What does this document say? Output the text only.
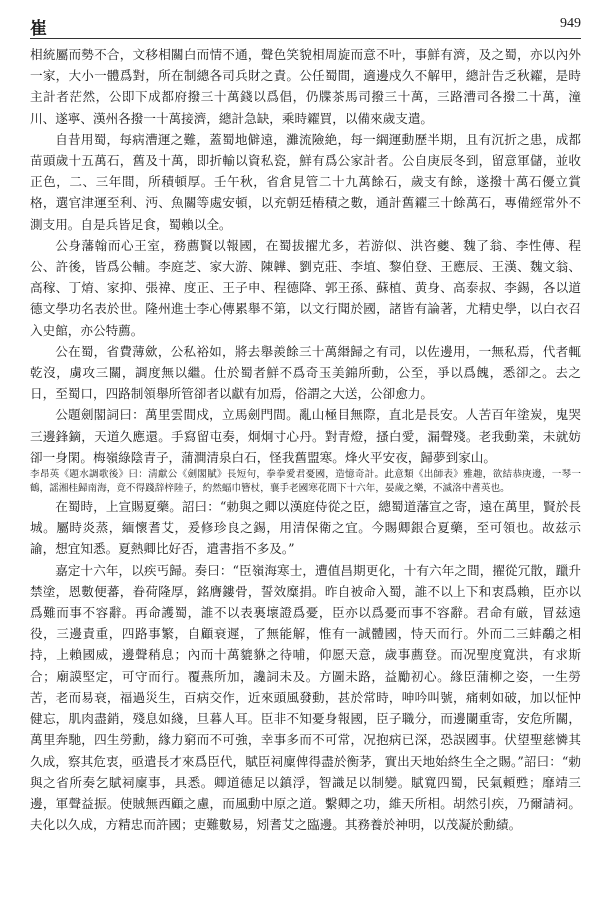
崔	949

相統屬而勢不合，文移相關白而情不通，聲色笑貌相周旋而意不叶，事鮮有濟，及之蜀，亦以內外一家，大小一體爲對，所在制總各司兵財之責。公任蜀間，適邊戍久不解甲，總計告乏秋糴，是時主計者茫然，公即下成都府撥三十萬錢以爲倡，仍牒茶馬司撥三十萬，三路漕司各撥二十萬，潼川、遂寧、漢州各撥一十萬接濟，總計急缺，乘時糴買，以備來歲支遣。

自昔用蜀，每病漕運之難，蓋蜀地僻遠，灘流險絶，每一綱運動歷半期，且有沉折之患，成都苗頭歲十五萬石，舊及十萬，即折輸以資私瓷，鮮有爲公家計者。公自庚辰冬到，留意軍儲，並收正色，二、三年間，所積頓厚。壬午秋，省倉見管二十九萬餘石，歲支有餘，遂撥十萬石優立賞格，選官津運至利、沔、魚關等處安頓，以充朝廷樁積之數，通計舊糴三十餘萬石，專備經常外不測支用。自是兵皆足食，蜀賴以全。

公身藩翰而心王室，務薦賢以報國，在蜀拔擢尤多，若游似、洪咨夔、魏了翁、李性傳、程公、許後，皆爲公輔。李庭芝、家大游、陳韡、劉克莊、李埴、黎伯登、王應辰、王漢、魏文翁、高稼、丁焴、家抑、張禕、度正、王子申、程德降、郭王孫、蘇植、黄身、高泰叔、李錫，各以道德文學功名表於世。隆州進士李心傳累舉不第，以文行聞於國，諸皆有論著，尤精史學，以白衣召入史館，亦公特薦。

公在蜀，省費薄歛，公私裕如，將去舉羨餘三十萬緡歸之有司，以佐邊用，一無私焉，代者輒乾沒，虜攻三關，調度無以繼。仕於蜀者鮮不爲奇玉美錦所動，公至，爭以爲餽，悉卻之。去之日，至蜀口，四路制領舉所管卻者以獻有加焉，俗謂之大送，公卻愈力。

公題劍閣詞曰：萬里雲間戍，立馬劍門間。亂山極目無際，直北是長安。人苦百年塗炭，鬼哭三邊鋒鏑，天道久應還。手寫留屯奏，炯炯寸心丹。對青燈，搔白愛，漏聲殘。老我動業，未就妨卻一身閑。梅嶺綠陰青子，蒲澗清泉白石，怪我舊盟寒。烽火平安夜，歸夢到家山。

李昂英《題水調歌後》曰：淸獻公《劍閣賦》長短句，拳拳愛君憂國，造憶奇計。此意類《出師表》雅趣，欲結恭庚邊，一琴一鶴，謡湘桂歸南海，竟不得踐辞梓陸子，約然蝠巾簪杖，襄手老國寒花間下十六年，晏歲之樂，不滅洛中耆英也。

在蜀時，上宣賜夏藥。詔曰：“勅與之卿以漢庭侍從之臣，總蜀道藩宣之寄，遠在萬里，賢於長城。屬時炎蒸，緬懷耆艾，爰修珍良之錫，用清保衛之宜。今賜卿銀合夏藥，至可領也。故兹示諭，想宜知悉。夏熱卿比好否，遣書指不多及。”

嘉定十六年，以疾丐歸。奏曰：“臣嶺海寒士，遭值昌期更化，十有六年之間，擢從冗散，躐升禁塗，恩數便蕃，眷荷隆厚，銘膺鏤骨，誓效糜捐。昨自被命入蜀，誰不以上下和衷爲賴，臣亦以爲難而事不容辭。再命護蜀，誰不以表裏壞證爲憂，臣亦以爲憂而事不容辭。君命有厳，冒兹遠役，三邊責重，四路事繁，自顧衰遲，了無能解，惟有一誠體國，恃天而行。外而二三蚌鷸之相持，上賴國威，邊聲稍息；內而十萬貔貅之待哺，仰愿天意，歲事薦登。而况聖度寬洪，有求斯合；廟謨堅定，可守而行。覆燕所加，讒詞未及。方圖未路，益勵初心。緣臣蒲柳之姿，一生勞苦，老而易衰，福過災生，百病交作，近來頭風發動，甚於常時，呻吟叫號，痛刺如破，加以怔忡健忘，肌肉盡銷，殘息如綫，旦暮人耳。臣非不知憂身報國，臣子職分，而邊闌重寄，安危所關，萬里奔馳，四生勞勳，緣力窮而不可強，幸事多而不可常，况抱病已深，恐誤國事。伏望聖慈憐其久成，察其危衷，亟遣長才來爲臣代，賦臣祠廩俾得盡於衡茅，實出天地始終生全之賜。”詔曰：“勅與之省所奏乞賦祠廩事，具悉。卿道德足以鎮浮，智識足以制變。賦寬四蜀，民氣頼甦；靡靖三邊，軍聲益振。使賊無西顧之慮，而風動中原之道。繫卿之功，維天所相。胡然引疾，乃爾請祠。夫化以久成，方精忠而許國；吏難數易，矧耆艾之臨邊。其務養於神明，以茂凝於勳績。
